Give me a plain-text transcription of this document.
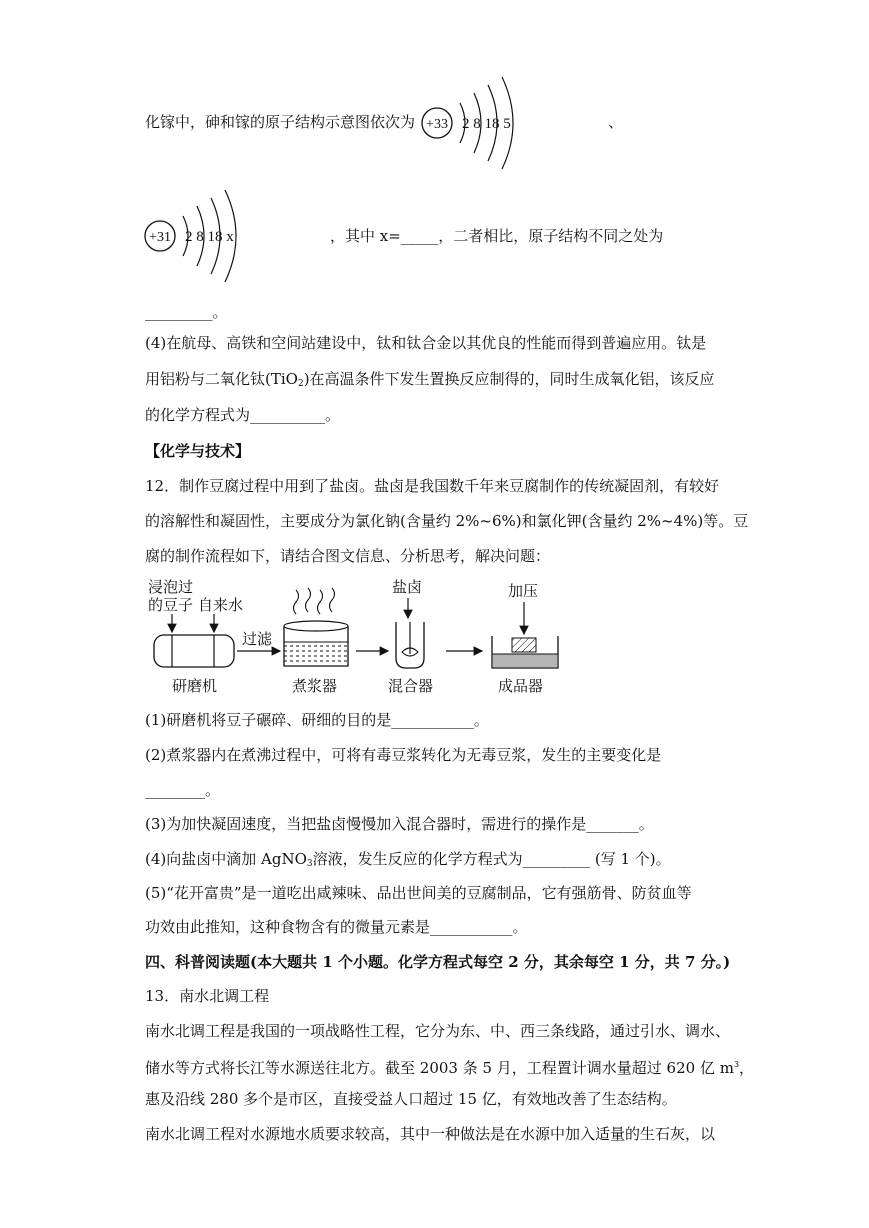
化镓中，砷和镓的原子结构示意图依次为 +33 2 8 18 5	、
+31 2 8 18 x	，其中 x=_____，二者相比，原子结构不同之处为
_________。
(4)在航母、高铁和空间站建设中，钛和钛合金以其优良的性能而得到普遍应用。钛是
用铝粉与二氧化钛(TiO$_2$)在高温条件下发生置换反应制得的，同时生成氧化铝，该反应
的化学方程式为__________。
【化学与技术】
12．制作豆腐过程中用到了盐卤。盐卤是我国数千年来豆腐制作的传统凝固剂，有较好
的溶解性和凝固性，主要成分为氯化钠(含量约 2%~6%)和氯化钾(含量约 2%~4%)等。豆
腐的制作流程如下，请结合图文信息、分析思考，解决问题：
浸泡过
的豆子 自来水
研磨机
过滤
煮浆器
盐卤
混合器
加压
成品器
(1)研磨机将豆子碾碎、研细的目的是___________。
(2)煮浆器内在煮沸过程中，可将有毒豆浆转化为无毒豆浆，发生的主要变化是
________。
(3)为加快凝固速度，当把盐卤慢慢加入混合器时，需进行的操作是_______。
(4)向盐卤中滴加 AgNO$_3$溶液，发生反应的化学方程式为_________ (写 1 个)。
(5)“花开富贵”是一道吃出咸辣味、品出世间美的豆腐制品，它有强筋骨、防贫血等
功效由此推知，这种食物含有的微量元素是___________。
四、科普阅读题(本大题共 1 个小题。化学方程式每空 2 分，其余每空 1 分，共 7 分。)
13．南水北调工程
南水北调工程是我国的一项战略性工程，它分为东、中、西三条线路，通过引水、调水、
储水等方式将长江等水源送往北方。截至 2003 条 5 月，工程置计调水量超过 620 亿 $m^3$，
惠及沿线 280 多个是市区，直接受益人口超过 15 亿，有效地改善了生态结构。
南水北调工程对水源地水质要求较高，其中一种做法是在水源中加入适量的生石灰，以
